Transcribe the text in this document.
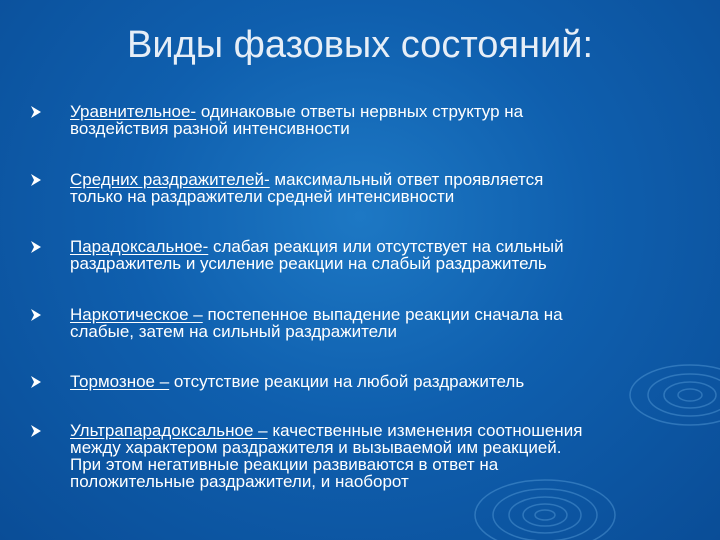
Виды фазовых состояний:
Уравнительное- одинаковые ответы нервных структур на
воздействия разной интенсивности
Средних раздражителей- максимальный ответ проявляется
только на раздражители средней интенсивности
Парадоксальное- слабая реакция или отсутствует на сильный
раздражитель и усиление реакции на слабый раздражитель
Наркотическое – постепенное выпадение реакции сначала на
слабые, затем на сильный раздражители
Тормозное – отсутствие реакции на любой раздражитель
Ультрапарадоксальное – качественные изменения соотношения
между характером раздражителя и вызываемой им реакцией.
При этом негативные реакции развиваются в ответ на
положительные раздражители, и наоборот
